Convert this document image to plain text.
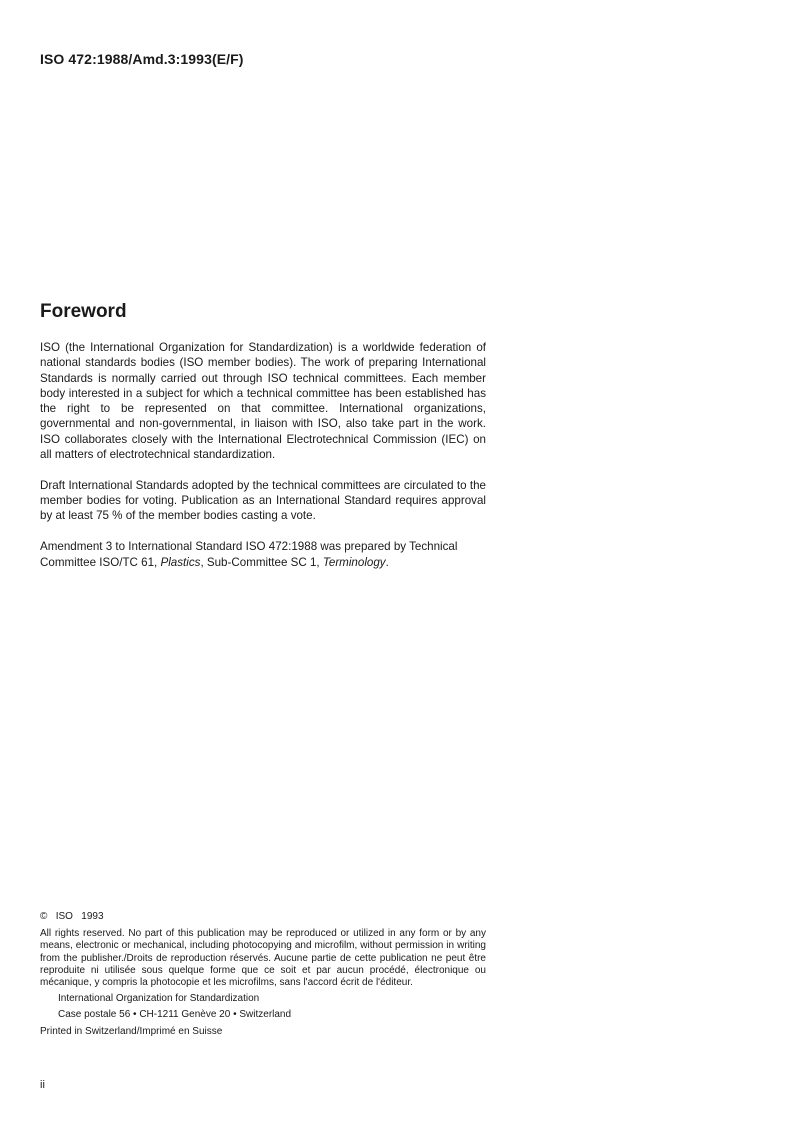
ISO 472:1988/Amd.3:1993(E/F)
Foreword

ISO (the International Organization for Standardization) is a worldwide federation of national standards bodies (ISO member bodies). The work of preparing International Standards is normally carried out through ISO technical committees. Each member body interested in a subject for which a technical committee has been established has the right to be represented on that committee. International organizations, governmental and non-governmental, in liaison with ISO, also take part in the work. ISO collaborates closely with the International Electrotechnical Commission (IEC) on all matters of electrotechnical standardization.

Draft International Standards adopted by the technical committees are circulated to the member bodies for voting. Publication as an International Standard requires approval by at least 75 % of the member bodies casting a vote.

Amendment 3 to International Standard ISO 472:1988 was prepared by Technical Committee ISO/TC 61, Plastics, Sub-Committee SC 1, Terminology.

© ISO 1993
All rights reserved. No part of this publication may be reproduced or utilized in any form or by any means, electronic or mechanical, including photocopying and microfilm, without permission in writing from the publisher./Droits de reproduction réservés. Aucune partie de cette publication ne peut être reproduite ni utilisée sous quelque forme que ce soit et par aucun procédé, électronique ou mécanique, y compris la photocopie et les microfilms, sans l'accord écrit de l'éditeur.
International Organization for Standardization
Case postale 56 • CH-1211 Genève 20 • Switzerland
Printed in Switzerland/Imprimé en Suisse
ii
